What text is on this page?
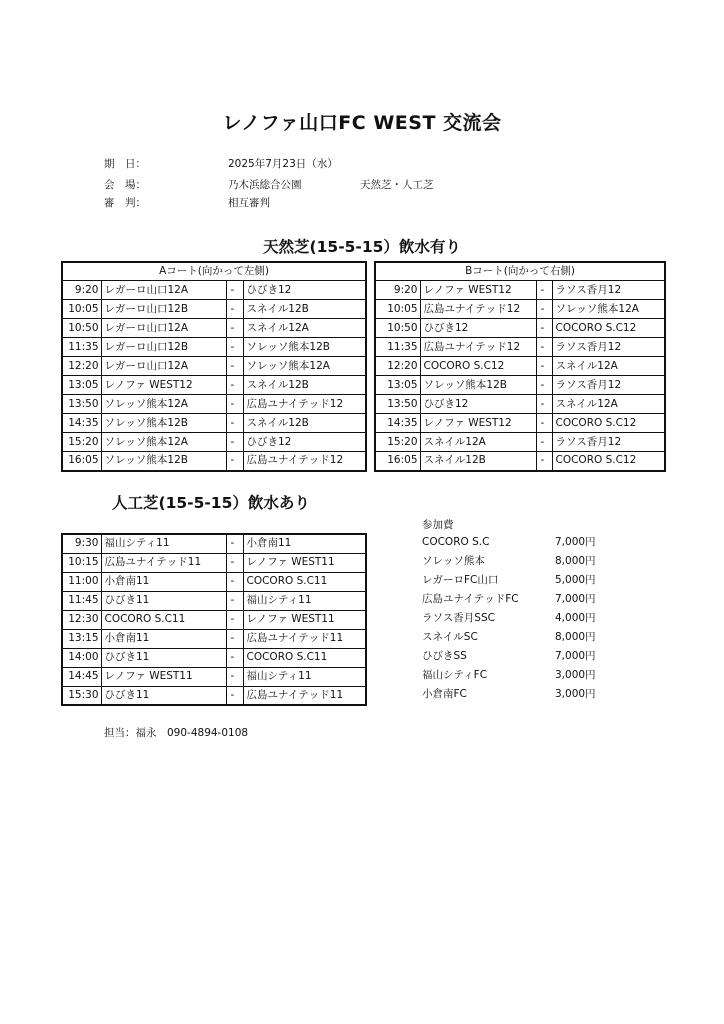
レノファ山口FC WEST 交流会
期　日：	2025年7月23日（水）
会　場：	乃木浜総合公園	天然芝・人工芝
審　判：	相互審判
天然芝(15-5-15）飲水有り
Aコート(向かって左側)			
9:20	レガーロ山口12A	-	ひびき12
10:05	レガーロ山口12B	-	スネイル12B
10:50	レガーロ山口12A	-	スネイル12A
11:35	レガーロ山口12B	-	ソレッソ熊本12B
12:20	レガーロ山口12A	-	ソレッソ熊本12A
13:05	レノファ WEST12	-	スネイル12B
13:50	ソレッソ熊本12A	-	広島ユナイテッド12
14:35	ソレッソ熊本12B	-	スネイル12B
15:20	ソレッソ熊本12A	-	ひびき12
16:05	ソレッソ熊本12B	-	広島ユナイテッド12
Bコート(向かって右側)			
9:20	レノファ WEST12	-	ラソス香月12
10:05	広島ユナイテッド12	-	ソレッソ熊本12A
10:50	ひびき12	-	COCORO S.C12
11:35	広島ユナイテッド12	-	ラソス香月12
12:20	COCORO S.C12	-	スネイル12A
13:05	ソレッソ熊本12B	-	ラソス香月12
13:50	ひびき12	-	スネイル12A
14:35	レノファ WEST12	-	COCORO S.C12
15:20	スネイル12A	-	ラソス香月12
16:05	スネイル12B	-	COCORO S.C12
人工芝(15-5-15）飲水あり
9:30	福山シティ11	-	小倉南11
10:15	広島ユナイテッド11	-	レノファ WEST11
11:00	小倉南11	-	COCORO S.C11
11:45	ひびき11	-	福山シティ11
12:30	COCORO S.C11	-	レノファ WEST11
13:15	小倉南11	-	広島ユナイテッド11
14:00	ひびき11	-	COCORO S.C11
14:45	レノファ WEST11	-	福山シティ11
15:30	ひびき11	-	広島ユナイテッド11
参加費
COCORO S.C	7,000円
ソレッソ熊本	8,000円
レガーロFC山口	5,000円
広島ユナイテッドFC	7,000円
ラソス香月SSC	4,000円
スネイルSC	8,000円
ひびきSS	7,000円
福山シティFC	3,000円
小倉南FC	3,000円
担当：福永　090-4894-0108
